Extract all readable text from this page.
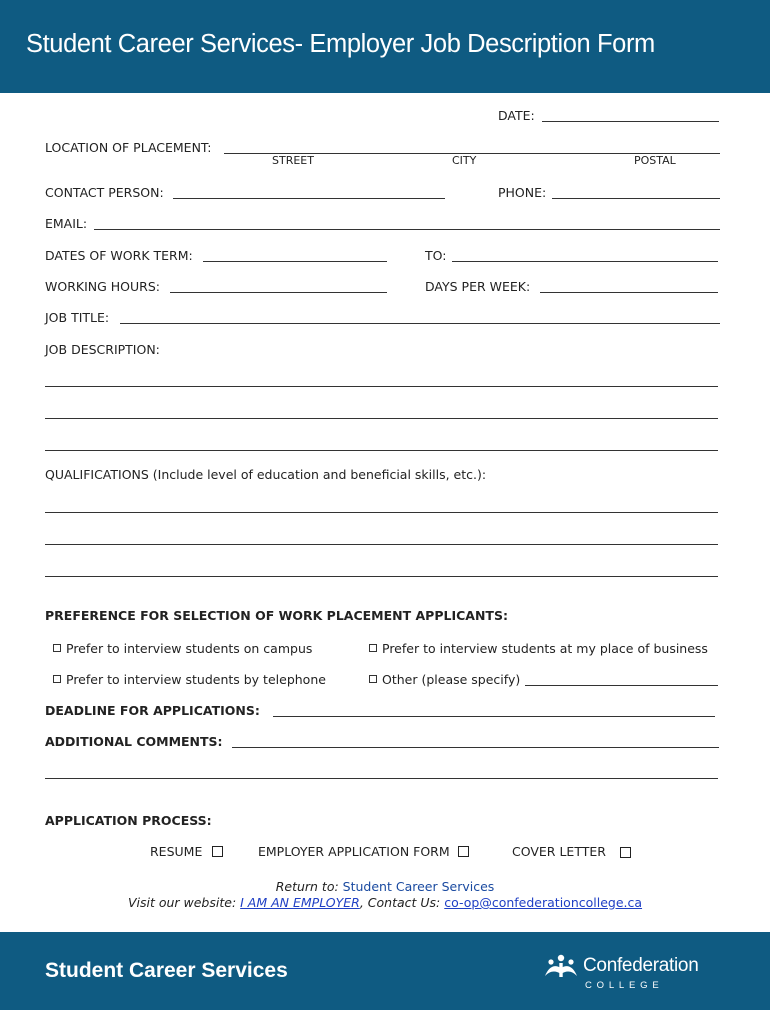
Student Career Services- Employer Job Description Form
DATE:
LOCATION OF PLACEMENT:
STREET	CITY	POSTAL
CONTACT PERSON:	PHONE:
EMAIL:
DATES OF WORK TERM:	TO:
WORKING HOURS:	DAYS PER WEEK:
JOB TITLE:
JOB DESCRIPTION:
QUALIFICATIONS (Include level of education and beneficial skills, etc.):
PREFERENCE FOR SELECTION OF WORK PLACEMENT APPLICANTS:
Prefer to interview students on campus	Prefer to interview students at my place of business
Prefer to interview students by telephone	Other (please specify)
DEADLINE FOR APPLICATIONS:
ADDITIONAL COMMENTS:
APPLICATION PROCESS:
RESUME	EMPLOYER APPLICATION FORM	COVER LETTER
Return to: Student Career Services
Visit our website: I AM AN EMPLOYER, Contact Us: co-op@confederationcollege.ca
Student Career Services	Confederation
COLLEGE
